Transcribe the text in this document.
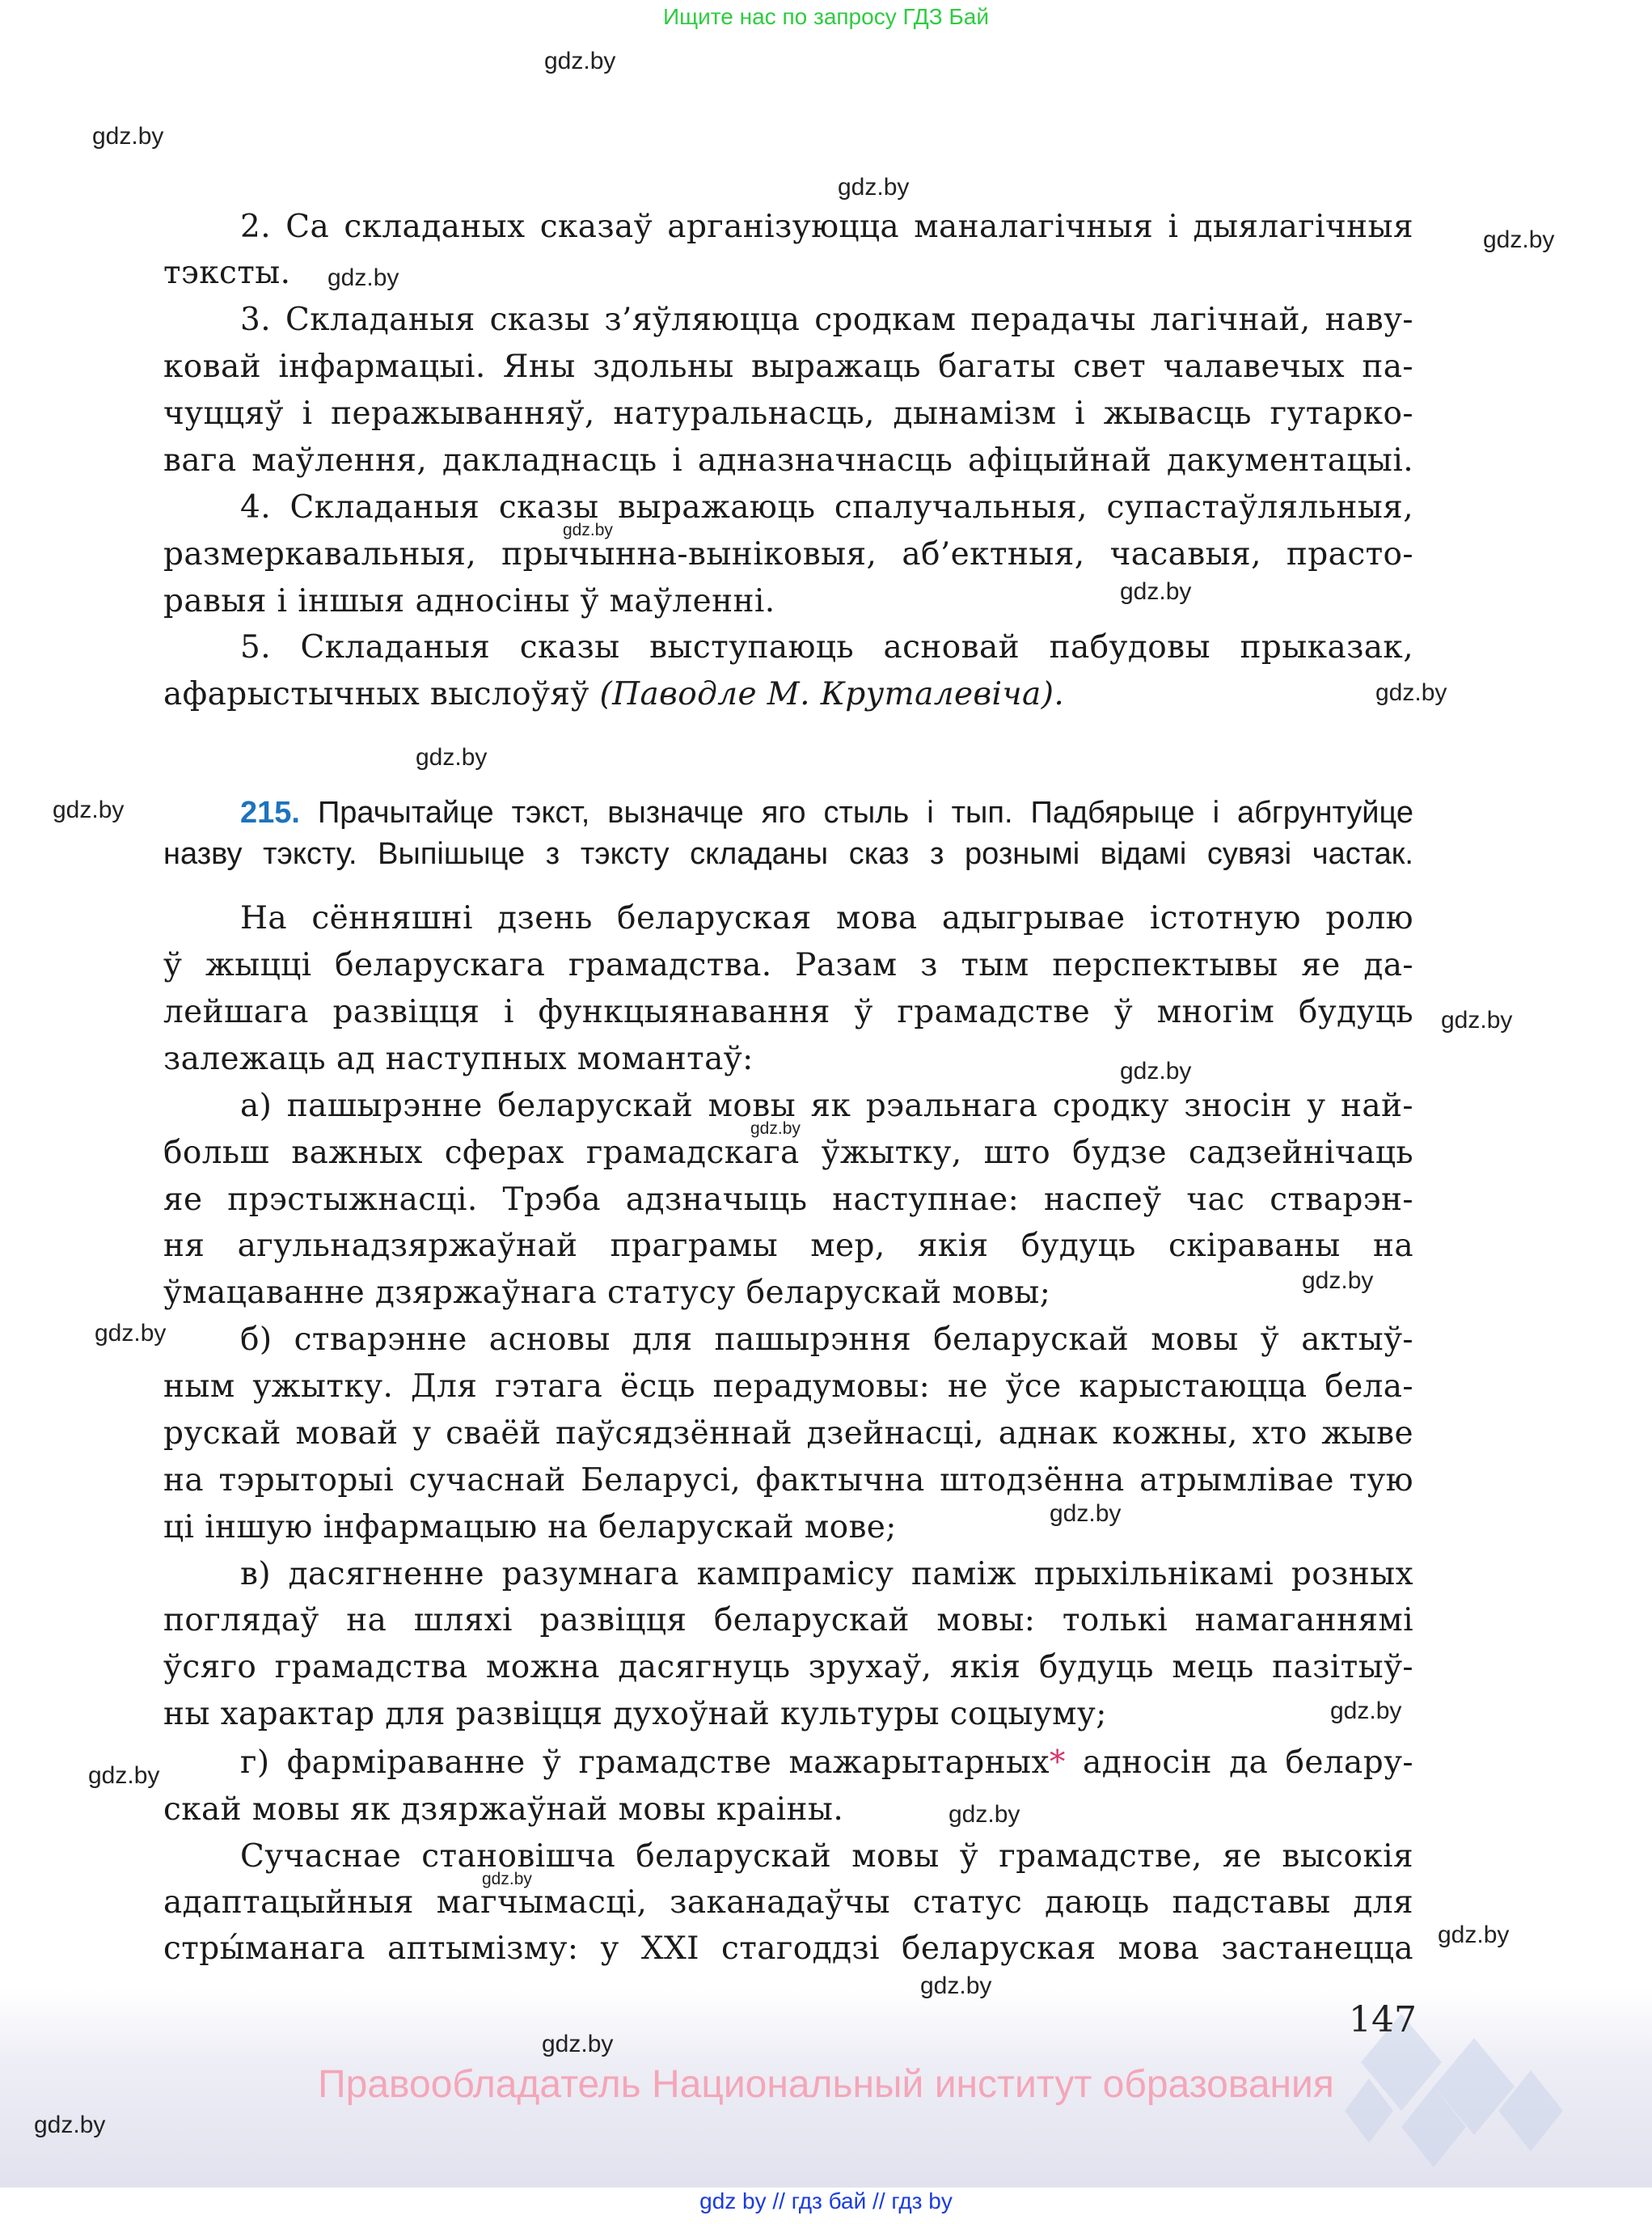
Ищите нас по запросу ГДЗ Бай
2. Са складаных сказаў арганізуюцца маналагічныя і дыялагічныя
тэксты.
3. Складаныя сказы з’яўляюцца сродкам перадачы лагічнай, наву-
ковай інфармацыі. Яны здольны выражаць багаты свет чалавечых па-
чуццяў і перажыванняў, натуральнасць, дынамізм і жывасць гутарко-
вага маўлення, дакладнасць і адназначнасць афіцыйнай дакументацыі.
4. Складаныя сказы выражаюць спалучальныя, супастаўляльныя,
размеркавальныя, прычынна-выніковыя, аб’ектныя, часавыя, прасто-
равыя і іншыя адносіны ў маўленні.
5. Складаныя сказы выступаюць асновай пабудовы прыказак,
афарыстычных выслоўяў (Паводле М. Круталевіча).
215. Прачытайце тэкст, вызначце яго стыль і тып. Падбярыце і абгрунтуйце
назву тэксту. Выпішыце з тэксту складаны сказ з рознымі відамі сувязі частак.
На сённяшні дзень беларуская мова адыгрывае істотную ролю
ў жыцці беларускага грамадства. Разам з тым перспектывы яе да-
лейшага развіцця і функцыянавання ў грамадстве ў многім будуць
залежаць ад наступных момантаў:
а) пашырэнне беларускай мовы як рэальнага сродку зносін у най-
больш важных сферах грамадскага ўжытку, што будзе садзейнічаць
яе прэстыжнасці. Трэба адзначыць наступнае: наспеў час стварэн-
ня агульнадзяржаўнай праграмы мер, якія будуць скіраваны на
ўмацаванне дзяржаўнага статусу беларускай мовы;
б) стварэнне асновы для пашырэння беларускай мовы ў актыў-
ным ужытку. Для гэтага ёсць перадумовы: не ўсе карыстаюцца бела-
рускай мовай у сваёй паўсядзённай дзейнасці, аднак кожны, хто жыве
на тэрыторыі сучаснай Беларусі, фактычна штодзённа атрымлівае тую
ці іншую інфармацыю на беларускай мове;
в) дасягненне разумнага кампрамісу паміж прыхільнікамі розных
поглядаў на шляхі развіцця беларускай мовы: толькі намаганнямі
ўсяго грамадства можна дасягнуць зрухаў, якія будуць мець пазітыў-
ны характар для развіцця духоўнай культуры соцыуму;
г) фарміраванне ў грамадстве мажарытарных* адносін да белару-
скай мовы як дзяржаўнай мовы краіны.
Сучаснае становішча беларускай мовы ў грамадстве, яе высокія
адаптацыйныя магчымасці, заканадаўчы статус даюць падставы для
стры́манага аптымізму: у XXI стагоддзі беларуская мова застанецца
gdz.by
gdz.by
gdz.by
gdz.by
gdz.by
gdz.by
gdz.by
gdz.by
gdz.by
gdz.by
gdz.by
gdz.by
gdz.by
gdz.by
gdz.by
gdz.by
gdz.by
gdz.by
gdz.by
gdz.by
gdz.by
gdz.by
gdz.by
gdz.by
147
Правообладатель Национальный институт образования
gdz by // гдз бай // гдз by
